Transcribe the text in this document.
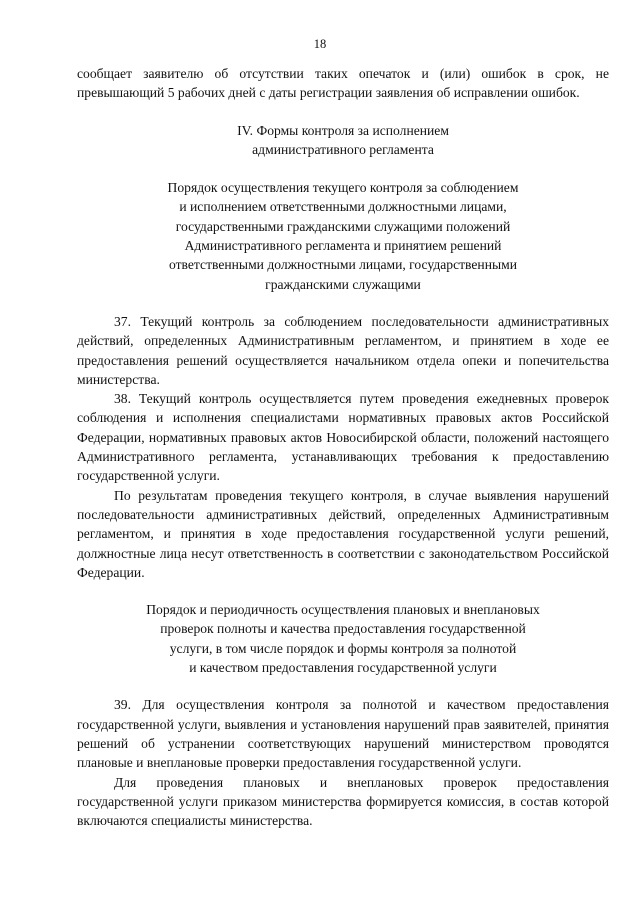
18

сообщает заявителю об отсутствии таких опечаток и (или) ошибок в срок, не превышающий 5 рабочих дней с даты регистрации заявления об исправлении ошибок.

IV. Формы контроля за исполнением
административного регламента
Порядок осуществления текущего контроля за соблюдением
и исполнением ответственными должностными лицами,
государственными гражданскими служащими положений
Административного регламента и принятием решений
ответственными должностными лицами, государственными
гражданскими служащими

37. Текущий контроль за соблюдением последовательности административных действий, определенных Административным регламентом, и принятием в ходе ее предоставления решений осуществляется начальником отдела опеки и попечительства министерства.

38. Текущий контроль осуществляется путем проведения ежедневных проверок соблюдения и исполнения специалистами нормативных правовых актов Российской Федерации, нормативных правовых актов Новосибирской области, положений настоящего Административного регламента, устанавливающих требования к предоставлению государственной услуги.

По результатам проведения текущего контроля, в случае выявления нарушений последовательности административных действий, определенных Административным регламентом, и принятия в ходе предоставления государственной услуги решений, должностные лица несут ответственность в соответствии с законодательством Российской Федерации.

Порядок и периодичность осуществления плановых и внеплановых
проверок полноты и качества предоставления государственной
услуги, в том числе порядок и формы контроля за полнотой
и качеством предоставления государственной услуги

39. Для осуществления контроля за полнотой и качеством предоставления государственной услуги, выявления и установления нарушений прав заявителей, принятия решений об устранении соответствующих нарушений министерством проводятся плановые и внеплановые проверки предоставления государственной услуги.

Для проведения плановых и внеплановых проверок предоставления государственной услуги приказом министерства формируется комиссия, в состав которой включаются специалисты министерства.
